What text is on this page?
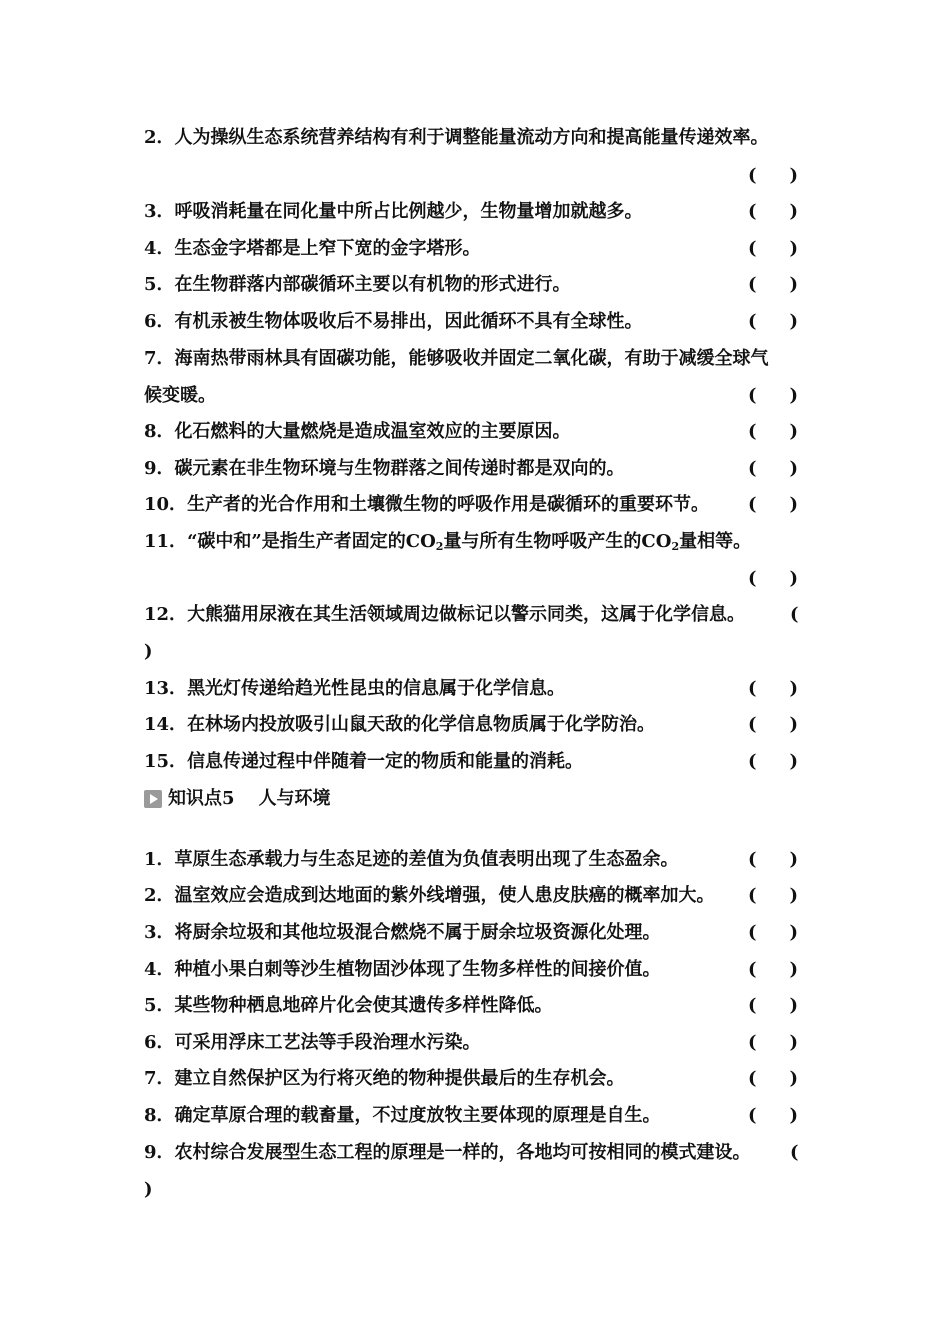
2．人为操纵生态系统营养结构有利于调整能量流动方向和提高能量传递效率。
( )
3．呼吸消耗量在同化量中所占比例越少，生物量增加就越多。	( )
4．生态金字塔都是上窄下宽的金字塔形。	( )
5．在生物群落内部碳循环主要以有机物的形式进行。	( )
6．有机汞被生物体吸收后不易排出，因此循环不具有全球性。	( )
7．海南热带雨林具有固碳功能，能够吸收并固定二氧化碳，有助于减缓全球气
候变暖。	( )
8．化石燃料的大量燃烧是造成温室效应的主要原因。	( )
9．碳元素在非生物环境与生物群落之间传递时都是双向的。	( )
10．生产者的光合作用和土壤微生物的呼吸作用是碳循环的重要环节。	( )
11．“碳中和”是指生产者固定的$CO_2$量与所有生物呼吸产生的$CO_2$量相等。
( )
12．大熊猫用尿液在其生活领域周边做标记以警示同类，这属于化学信息。	(
)
13．黑光灯传递给趋光性昆虫的信息属于化学信息。	( )
14．在林场内投放吸引山鼠天敌的化学信息物质属于化学防治。	( )
15．信息传递过程中伴随着一定的物质和能量的消耗。	( )
知识点5 人与环境
1．草原生态承载力与生态足迹的差值为负值表明出现了生态盈余。	( )
2．温室效应会造成到达地面的紫外线增强，使人患皮肤癌的概率加大。	( )
3．将厨余垃圾和其他垃圾混合燃烧不属于厨余垃圾资源化处理。	( )
4．种植小果白刺等沙生植物固沙体现了生物多样性的间接价值。	( )
5．某些物种栖息地碎片化会使其遗传多样性降低。	( )
6．可采用浮床工艺法等手段治理水污染。	( )
7．建立自然保护区为行将灭绝的物种提供最后的生存机会。	( )
8．确定草原合理的载畜量，不过度放牧主要体现的原理是自生。	( )
9．农村综合发展型生态工程的原理是一样的，各地均可按相同的模式建设。	(
)
